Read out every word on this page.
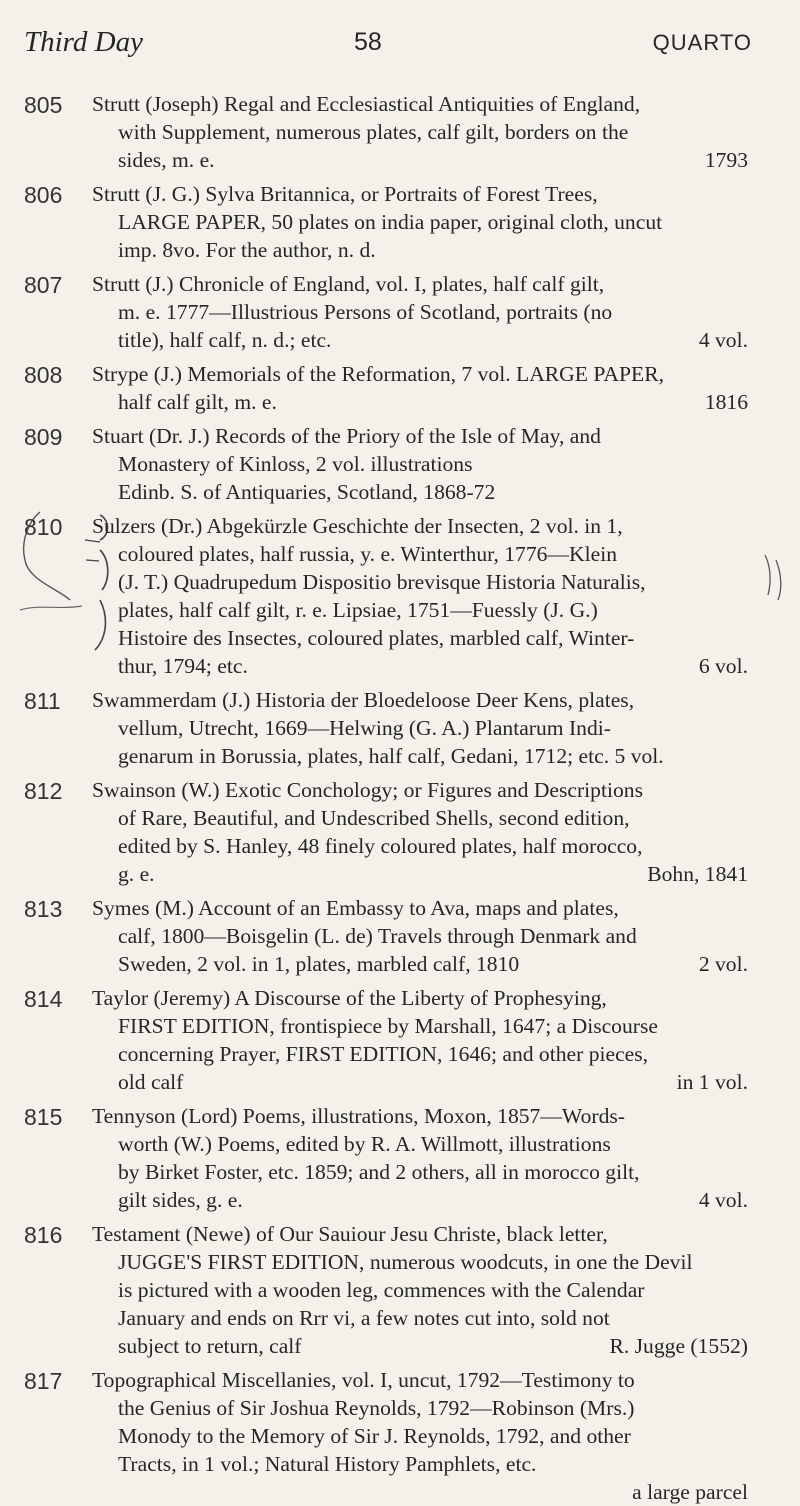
Third Day	58	QUARTO
805	Strutt (Joseph) Regal and Ecclesiastical Antiquities of England,
with Supplement, numerous plates, calf gilt, borders on the
sides, m. e.	1793
806	Strutt (J. G.) Sylva Britannica, or Portraits of Forest Trees,
LARGE PAPER, 50 plates on india paper, original cloth, uncut
imp. 8vo. For the author, n. d.
807	Strutt (J.) Chronicle of England, vol. I, plates, half calf gilt,
m. e. 1777—Illustrious Persons of Scotland, portraits (no
title), half calf, n. d.; etc.	4 vol.
808	Strype (J.) Memorials of the Reformation, 7 vol. LARGE PAPER,
half calf gilt, m. e.	1816
809	Stuart (Dr. J.) Records of the Priory of the Isle of May, and
Monastery of Kinloss, 2 vol. illustrations
Edinb. S. of Antiquaries, Scotland, 1868-72
810	Sulzers (Dr.) Abgekürzle Geschichte der Insecten, 2 vol. in 1,
coloured plates, half russia, y. e. Winterthur, 1776—Klein
(J. T.) Quadrupedum Dispositio brevisque Historia Naturalis,
plates, half calf gilt, r. e. Lipsiae, 1751—Fuessly (J. G.)
Histoire des Insectes, coloured plates, marbled calf, Winter-
thur, 1794; etc.	6 vol.
811	Swammerdam (J.) Historia der Bloedeloose Deer Kens, plates,
vellum, Utrecht, 1669—Helwing (G. A.) Plantarum Indi-
genarum in Borussia, plates, half calf, Gedani, 1712; etc. 5 vol.
812	Swainson (W.) Exotic Conchology; or Figures and Descriptions
of Rare, Beautiful, and Undescribed Shells, second edition,
edited by S. Hanley, 48 finely coloured plates, half morocco,
g. e.	Bohn, 1841
813	Symes (M.) Account of an Embassy to Ava, maps and plates,
calf, 1800—Boisgelin (L. de) Travels through Denmark and
Sweden, 2 vol. in 1, plates, marbled calf, 1810	2 vol.
814	Taylor (Jeremy) A Discourse of the Liberty of Prophesying,
FIRST EDITION, frontispiece by Marshall, 1647; a Discourse
concerning Prayer, FIRST EDITION, 1646; and other pieces,
old calf	in 1 vol.
815	Tennyson (Lord) Poems, illustrations, Moxon, 1857—Words-
worth (W.) Poems, edited by R. A. Willmott, illustrations
by Birket Foster, etc. 1859; and 2 others, all in morocco gilt,
gilt sides, g. e.	4 vol.
816	Testament (Newe) of Our Sauiour Jesu Christe, black letter,
JUGGE'S FIRST EDITION, numerous woodcuts, in one the Devil
is pictured with a wooden leg, commences with the Calendar
January and ends on Rrr vi, a few notes cut into, sold not
subject to return, calf	R. Jugge (1552)
817	Topographical Miscellanies, vol. I, uncut, 1792—Testimony to
the Genius of Sir Joshua Reynolds, 1792—Robinson (Mrs.)
Monody to the Memory of Sir J. Reynolds, 1792, and other
Tracts, in 1 vol.; Natural History Pamphlets, etc.
a large parcel
